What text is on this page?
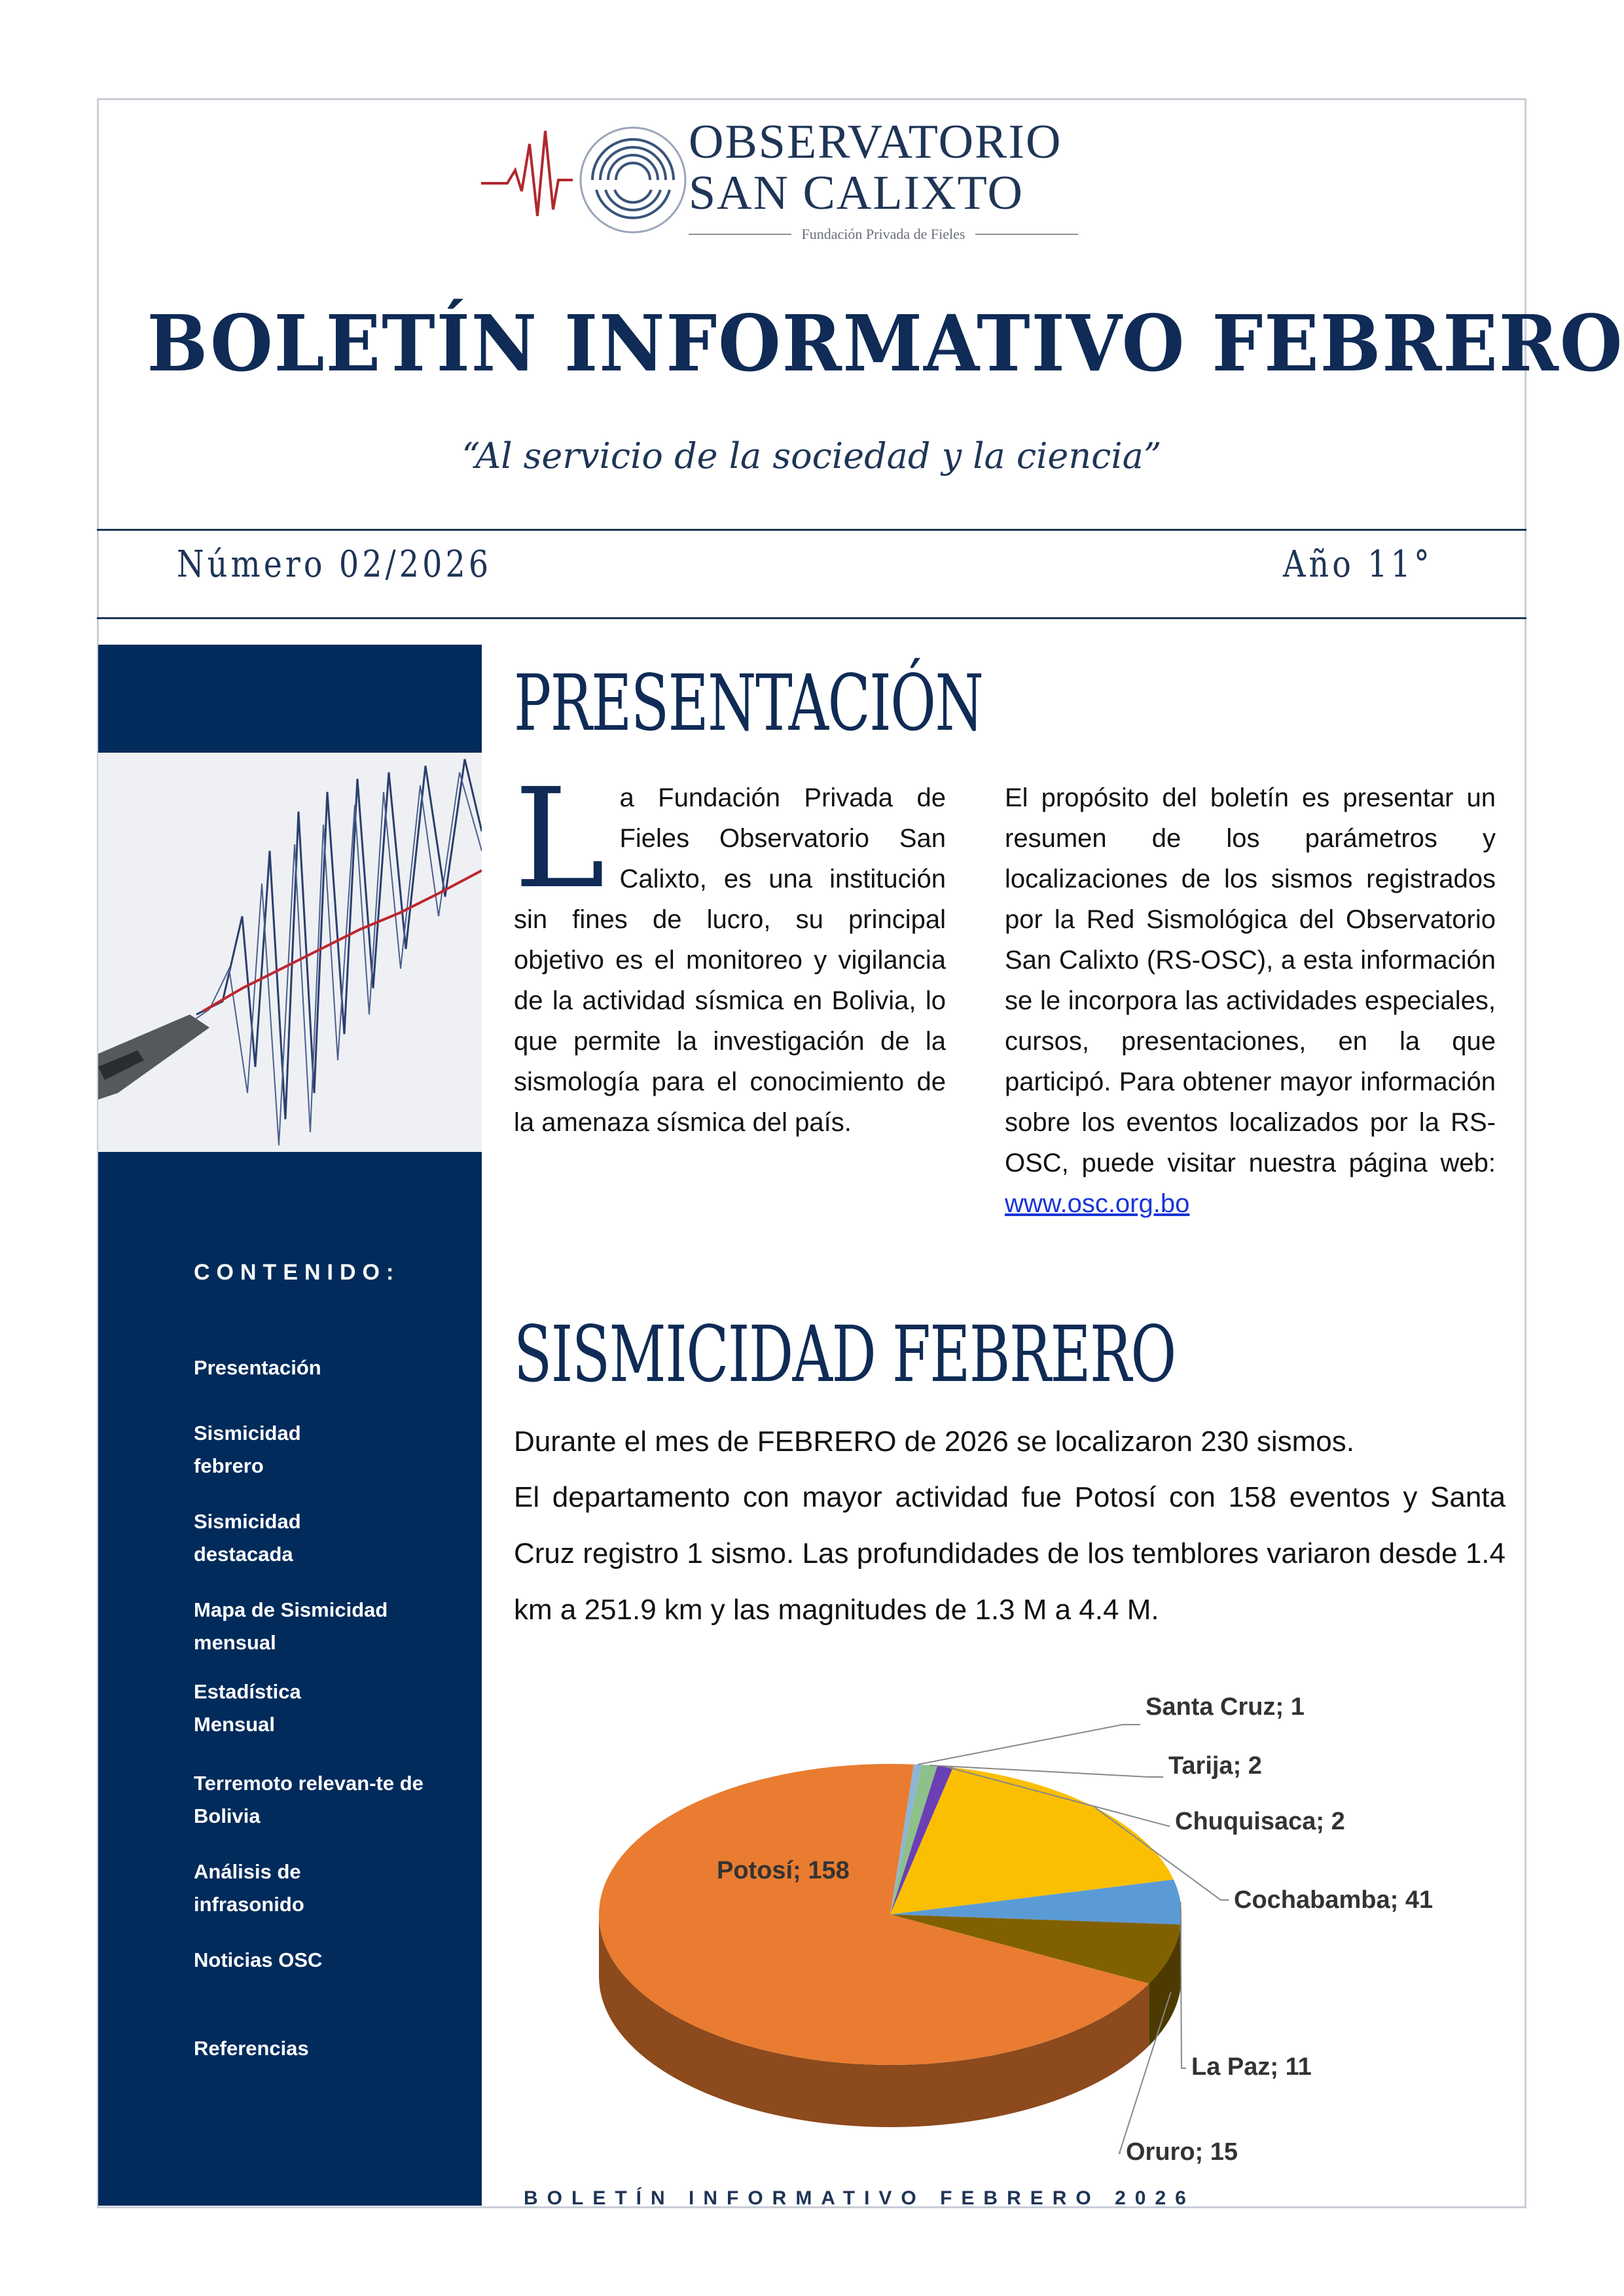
OBSERVATORIO
SAN CALIXTO
Fundación Privada de Fieles
BOLETÍN INFORMATIVO FEBRERO
“Al servicio de la sociedad y la ciencia”
Número 02/2026	Año 11°
CONTENIDO:
Presentación
Sismicidad febrero
Sismicidad destacada
Mapa de Sismicidad mensual
Estadística Mensual
Terremoto relevan-te de Bolivia
Análisis de infrasonido
Noticias OSC
Referencias
PRESENTACIÓN
L a Fundación Privada de Fieles Observatorio San Calixto, es una institución sin fines de lucro, su principal objetivo es el monitoreo y vigilancia de la actividad sísmica en Bolivia, lo que permite la investigación de la sismología para el conocimiento de la amenaza sísmica del país.
El propósito del boletín es presentar un resumen de los parámetros y localizaciones de los sismos registrados por la Red Sismológica del Observatorio San Calixto (RS-OSC), a esta información se le incorpora las actividades especiales, cursos, presentaciones, en la que participó. Para obtener mayor información sobre los eventos localizados por la RS-OSC, puede visitar nuestra página web: www.osc.org.bo
SISMICIDAD FEBRERO
Durante el mes de FEBRERO de 2026 se localizaron 230 sismos.
El departamento con mayor actividad fue Potosí con 158 eventos y Santa Cruz registro 1 sismo. Las profundidades de los temblores variaron desde 1.4 km a 251.9 km y las magnitudes de 1.3 M a 4.4 M.
Santa Cruz; 1
Tarija; 2
Chuquisaca; 2
Cochabamba; 41
La Paz; 11
Oruro; 15
Potosí; 158
BOLETÍN INFORMATIVO FEBRERO 2026
